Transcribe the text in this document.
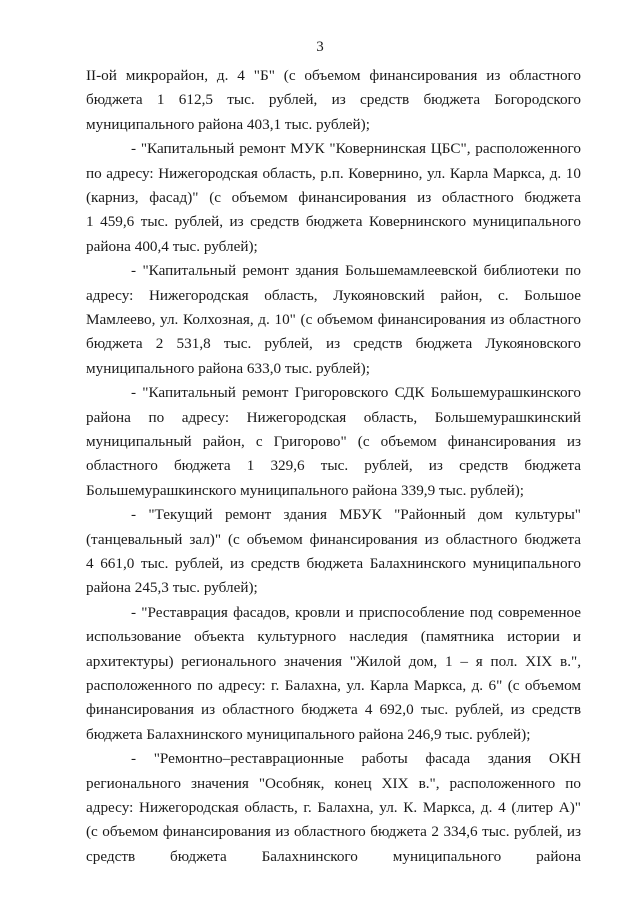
3
II-ой микрорайон, д. 4 "Б" (с объемом финансирования из областного
бюджета 1 612,5 тыс. рублей, из средств бюджета Богородского
муниципального района 403,1 тыс. рублей);
- "Капитальный ремонт МУК "Ковернинская ЦБС", расположенного
по адресу: Нижегородская область, р.п. Ковернино, ул. Карла Маркса, д. 10
(карниз, фасад)" (с объемом финансирования из областного бюджета
1 459,6 тыс. рублей, из средств бюджета Ковернинского муниципального
района 400,4 тыс. рублей);
- "Капитальный ремонт здания Большемамлеевской библиотеки по
адресу: Нижегородская область, Лукояновский район, с. Большое
Мамлеево, ул. Колхозная, д. 10" (с объемом финансирования из областного
бюджета 2 531,8 тыс. рублей, из средств бюджета Лукояновского
муниципального района 633,0 тыс. рублей);
- "Капитальный ремонт Григоровского СДК Большемурашкинского
района по адресу: Нижегородская область, Большемурашкинский
муниципальный район, с Григорово" (с объемом финансирования из
областного бюджета 1 329,6 тыс. рублей, из средств бюджета
Большемурашкинского муниципального района 339,9 тыс. рублей);
- "Текущий ремонт здания МБУК "Районный дом культуры"
(танцевальный зал)" (с объемом финансирования из областного бюджета
4 661,0 тыс. рублей, из средств бюджета Балахнинского муниципального
района 245,3 тыс. рублей);
- "Реставрация фасадов, кровли и приспособление под современное
использование объекта культурного наследия (памятника истории и
архитектуры) регионального значения "Жилой дом, 1 – я пол. XIX в.",
расположенного по адресу: г. Балахна, ул. Карла Маркса, д. 6" (с объемом
финансирования из областного бюджета 4 692,0 тыс. рублей, из средств
бюджета Балахнинского муниципального района 246,9 тыс. рублей);
- "Ремонтно–реставрационные работы фасада здания ОКН
регионального значения "Особняк, конец XIX в.", расположенного по
адресу: Нижегородская область, г. Балахна, ул. К. Маркса, д. 4 (литер А)"
(с объемом финансирования из областного бюджета 2 334,6 тыс. рублей, из
средств бюджета Балахнинского муниципального района
